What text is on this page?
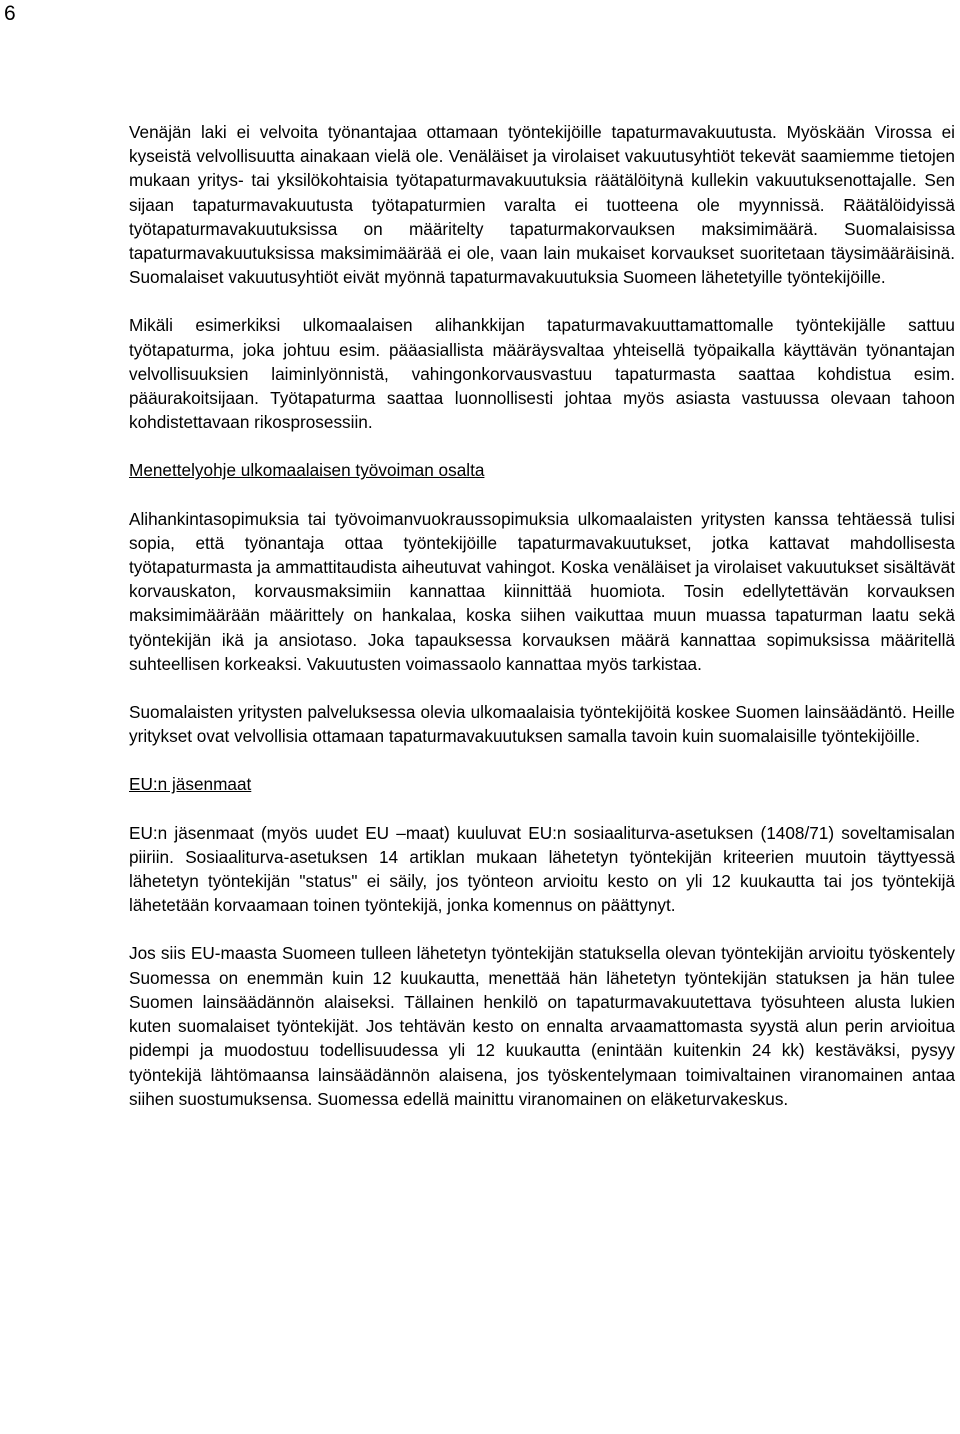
6

Venäjän laki ei velvoita työnantajaa ottamaan työntekijöille tapaturmavakuutusta. Myöskään Virossa ei kyseistä velvollisuutta ainakaan vielä ole. Venäläiset ja virolaiset vakuutusyhtiöt tekevät saamiemme tietojen mukaan yritys- tai yksilökohtaisia työtapaturmavakuutuksia räätälöitynä kullekin vakuutuksenottajalle. Sen sijaan tapaturmavakuutusta työtapaturmien varalta ei tuotteena ole myynnissä. Räätälöidyissä työtapaturmavakuutuksissa on määritelty tapaturmakorvauksen maksimimäärä. Suomalaisissa tapaturmavakuutuksissa maksimimäärää ei ole, vaan lain mukaiset korvaukset suoritetaan täysimääräisinä. Suomalaiset vakuutusyhtiöt eivät myönnä tapaturmavakuutuksia Suomeen lähetetyille työntekijöille.

Mikäli esimerkiksi ulkomaalaisen alihankkijan tapaturmavakuuttamattomalle työntekijälle sattuu työtapaturma, joka johtuu esim. pääasiallista määräysvaltaa yhteisellä työpaikalla käyttävän työnantajan velvollisuuksien laiminlyönnistä, vahingonkorvausvastuu tapaturmasta saattaa kohdistua esim. pääurakoitsijaan. Työtapaturma saattaa luonnollisesti johtaa myös asiasta vastuussa olevaan tahoon kohdistettavaan rikosprosessiin.

Menettelyohje ulkomaalaisen työvoiman osalta

Alihankintasopimuksia tai työvoimanvuokraussopimuksia ulkomaalaisten yritysten kanssa tehtäessä tulisi sopia, että työnantaja ottaa työntekijöille tapaturmavakuutukset, jotka kattavat mahdollisesta työtapaturmasta ja ammattitaudista aiheutuvat vahingot. Koska venäläiset ja virolaiset vakuutukset sisältävät korvauskaton, korvausmaksimiin kannattaa kiinnittää huomiota. Tosin edellytettävän korvauksen maksimimäärään määrittely on hankalaa, koska siihen vaikuttaa muun muassa tapaturman laatu sekä työntekijän ikä ja ansiotaso. Joka tapauksessa korvauksen määrä kannattaa sopimuksissa määritellä suhteellisen korkeaksi. Vakuutusten voimassaolo kannattaa myös tarkistaa.

Suomalaisten yritysten palveluksessa olevia ulkomaalaisia työntekijöitä koskee Suomen lainsäädäntö. Heille yritykset ovat velvollisia ottamaan tapaturmavakuutuksen samalla tavoin kuin suomalaisille työntekijöille.

EU:n jäsenmaat

EU:n jäsenmaat (myös uudet EU –maat) kuuluvat EU:n sosiaaliturva-asetuksen (1408/71) soveltamisalan piiriin. Sosiaaliturva-asetuksen 14 artiklan mukaan lähetetyn työntekijän kriteerien muutoin täyttyessä lähetetyn työntekijän "status" ei säily, jos työnteon arvioitu kesto on yli 12 kuukautta tai jos työntekijä lähetetään korvaamaan toinen työntekijä, jonka komennus on päättynyt.

Jos siis EU-maasta Suomeen tulleen lähetetyn työntekijän statuksella olevan työntekijän arvioitu työskentely Suomessa on enemmän kuin 12 kuukautta, menettää hän lähetetyn työntekijän statuksen ja hän tulee Suomen lainsäädännön alaiseksi. Tällainen henkilö on tapaturmavakuutettava työsuhteen alusta lukien kuten suomalaiset työntekijät. Jos tehtävän kesto on ennalta arvaamattomasta syystä alun perin arvioitua pidempi ja muodostuu todellisuudessa yli 12 kuukautta (enintään kuitenkin 24 kk) kestäväksi, pysyy työntekijä lähtömaansa lainsäädännön alaisena, jos työskentelymaan toimivaltainen viranomainen antaa siihen suostumuksensa. Suomessa edellä mainittu viranomainen on eläketurvakeskus.
